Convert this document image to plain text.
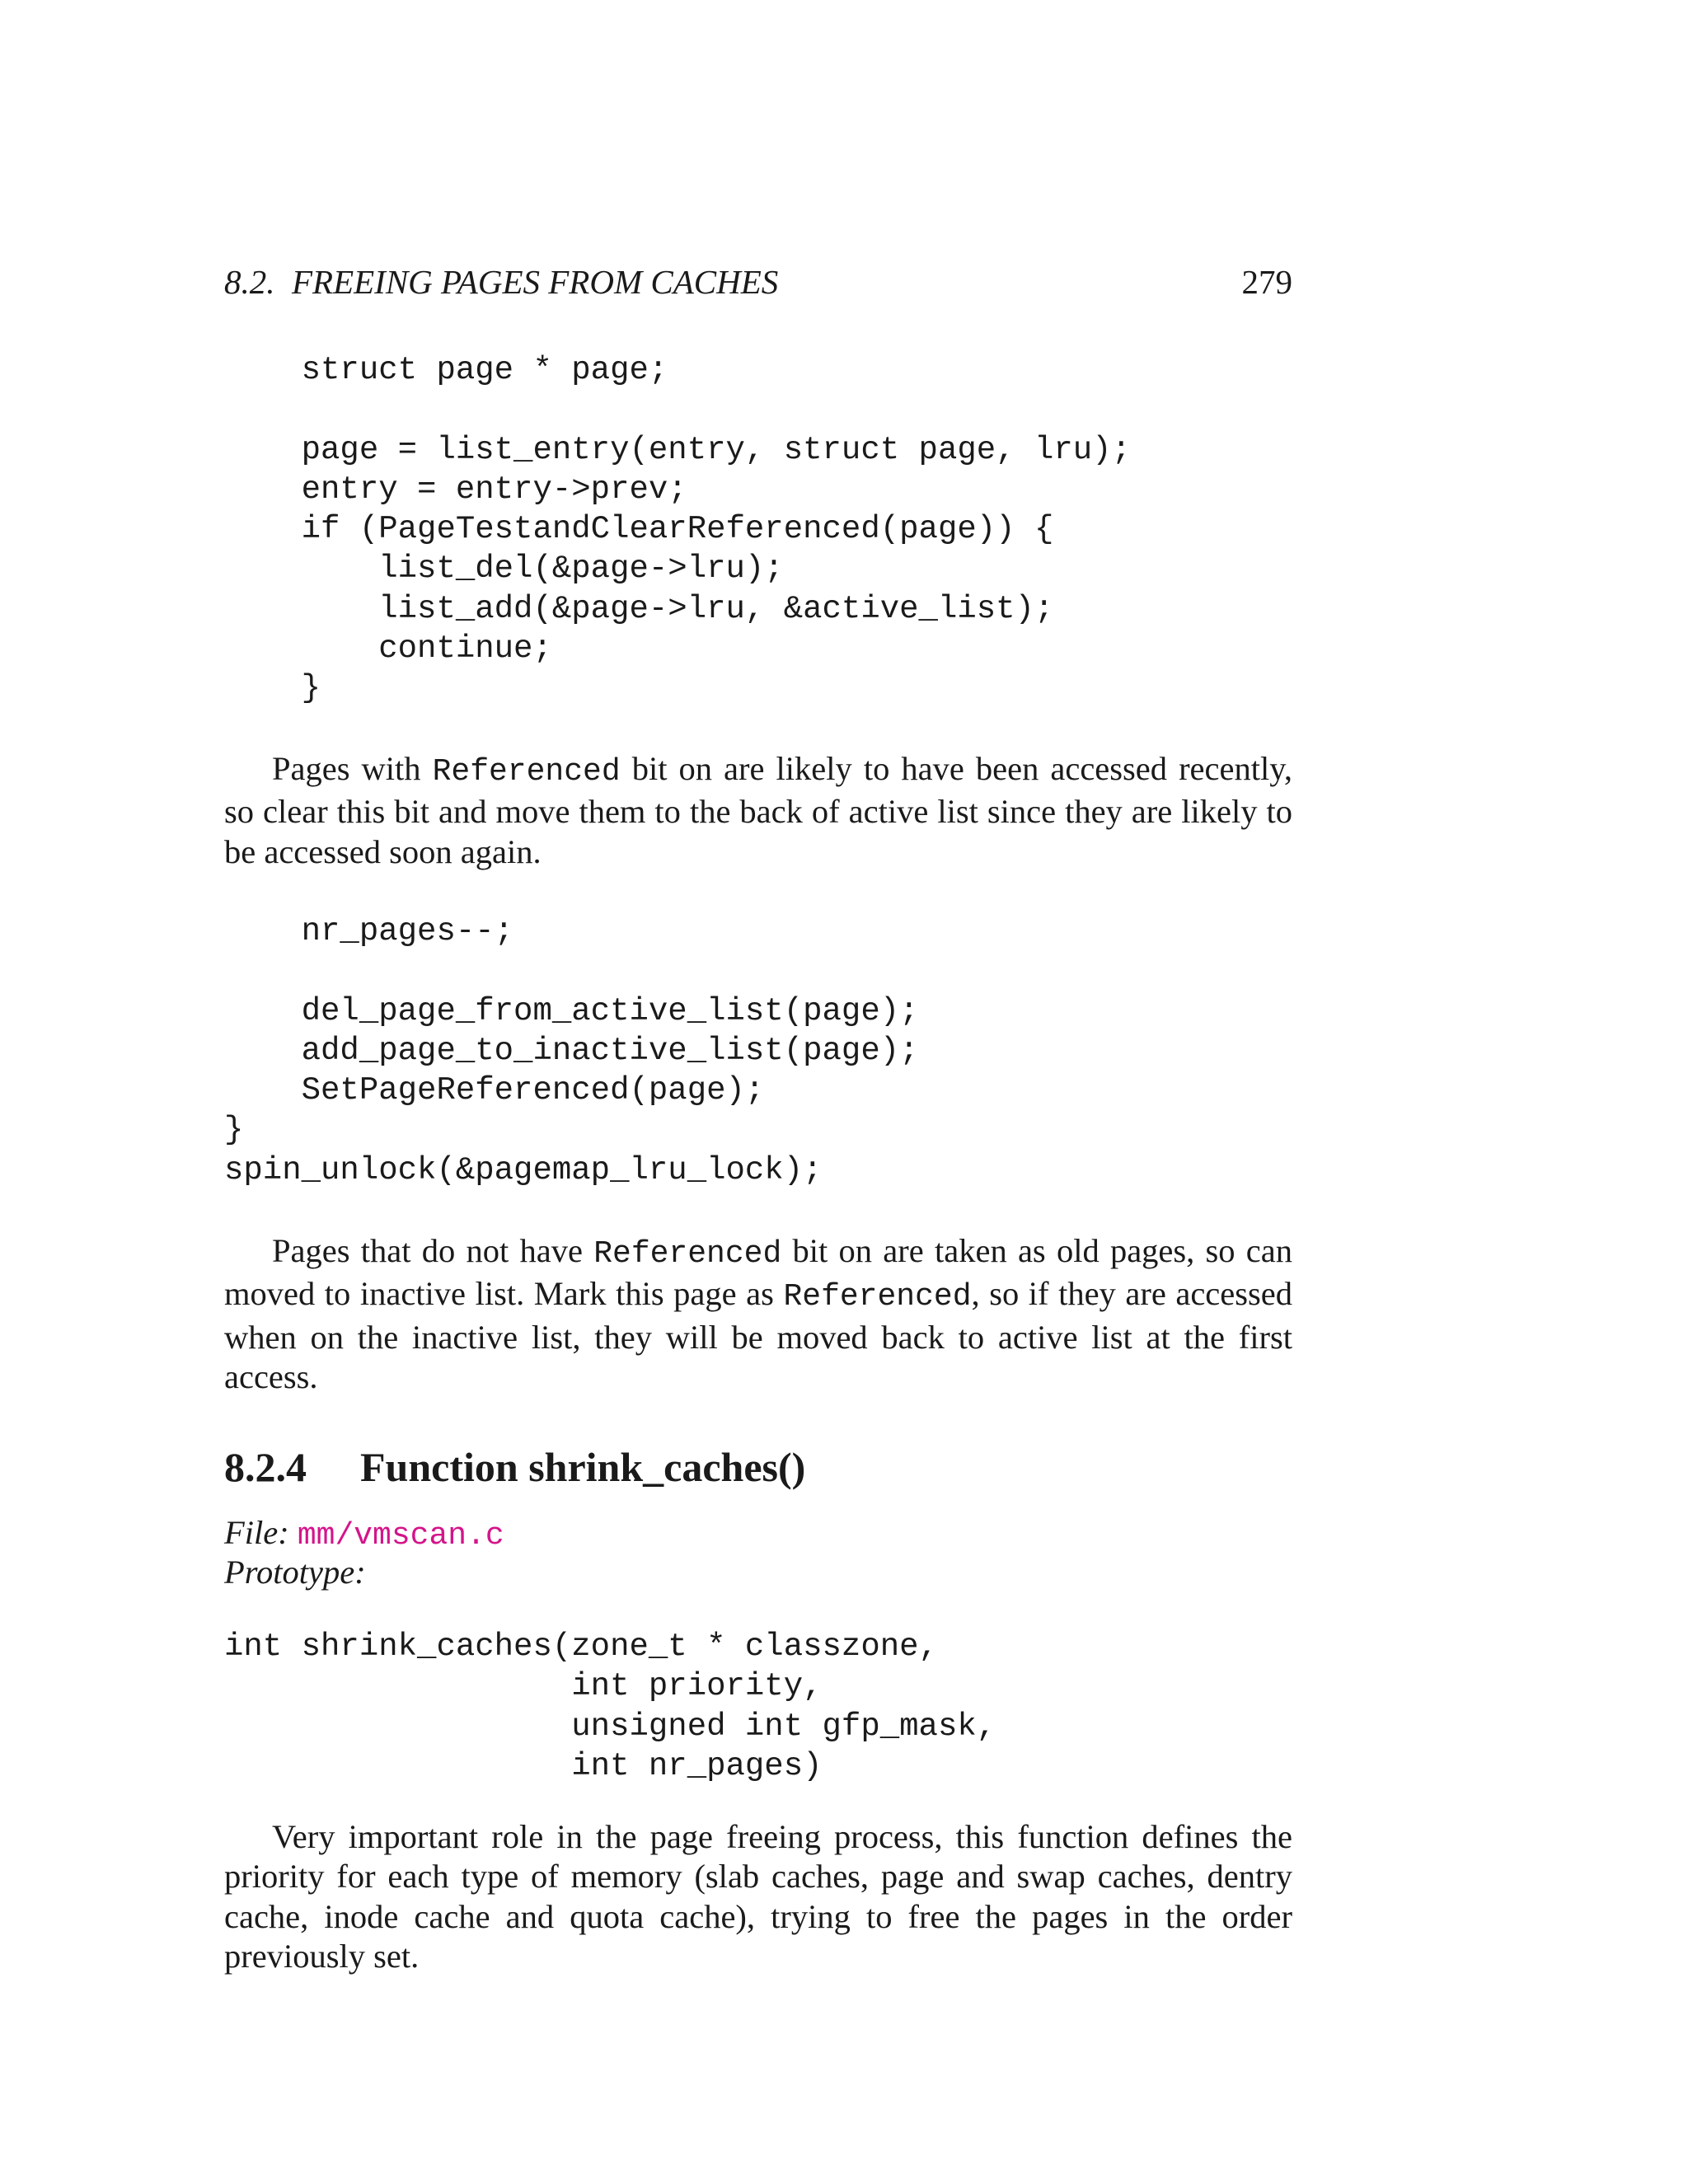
8.2.  FREEING PAGES FROM CACHES	279
struct page * page;
page = list_entry(entry, struct page, lru);
entry = entry->prev;
if (PageTestandClearReferenced(page)) {
list_del(&page->lru);
list_add(&page->lru, &active_list);
continue;
}

Pages with Referenced bit on are likely to have been accessed recently, so clear this bit and move them to the back of active list since they are likely to be accessed soon again.

nr_pages--;
del_page_from_active_list(page);
add_page_to_inactive_list(page);
SetPageReferenced(page);
}
spin_unlock(&pagemap_lru_lock);

Pages that do not have Referenced bit on are taken as old pages, so can moved to inactive list. Mark this page as Referenced, so if they are accessed when on the inactive list, they will be moved back to active list at the first access.

8.2.4 Function shrink_caches()
File: mm/vmscan.c
Prototype:
int shrink_caches(zone_t * classzone,
int priority,
unsigned int gfp_mask,
int nr_pages)

Very important role in the page freeing process, this function defines the priority for each type of memory (slab caches, page and swap caches, dentry cache, inode cache and quota cache), trying to free the pages in the order previously set.
